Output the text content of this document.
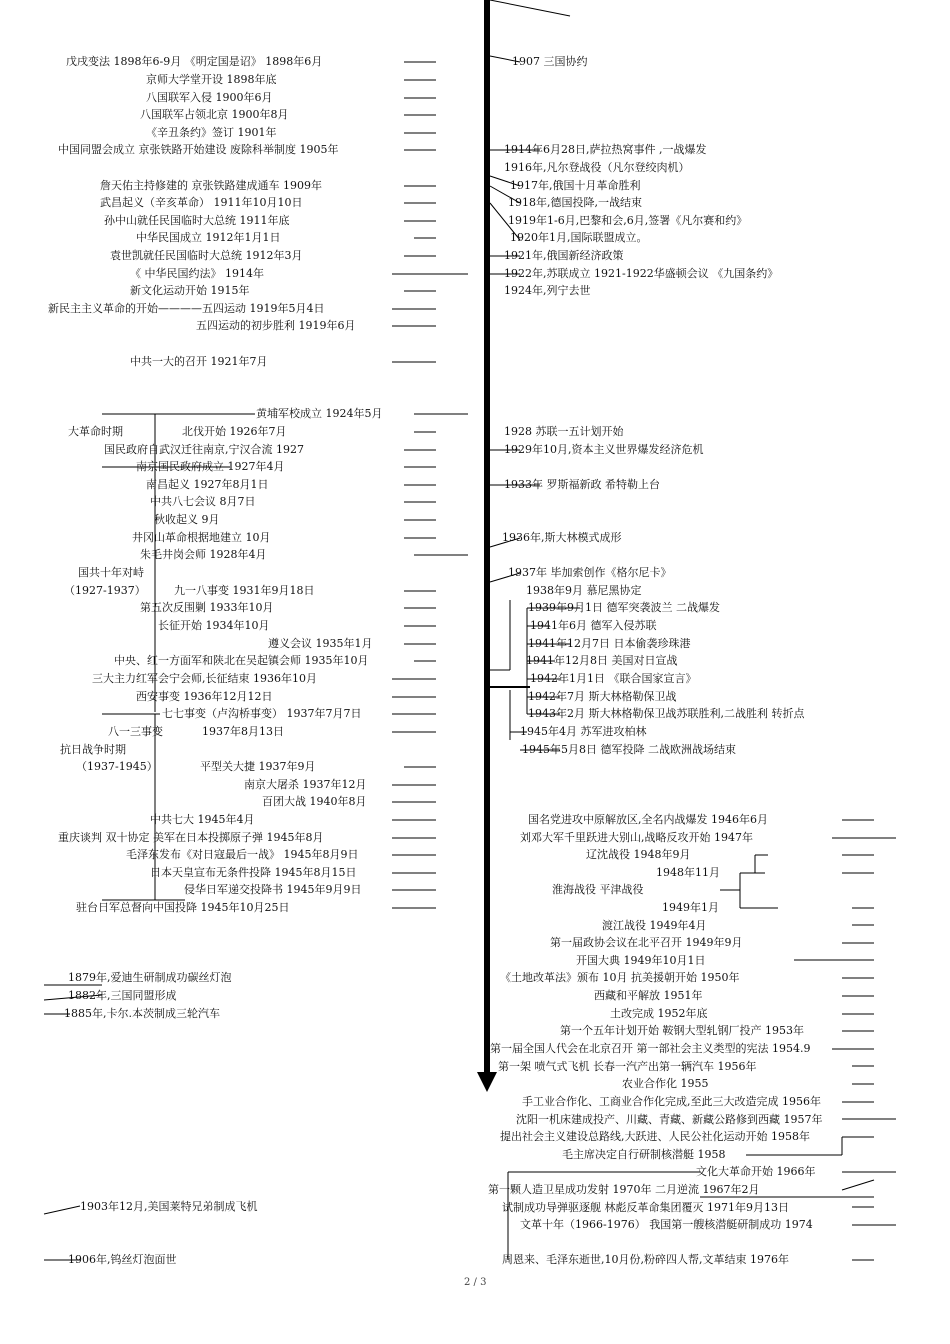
戊戌变法 1898年6-9月 《明定国是诏》 1898年6月
京师大学堂开设 1898年底
八国联军入侵 1900年6月
八国联军占领北京 1900年8月
《辛丑条约》签订 1901年
中国同盟会成立 京张铁路开始建设 废除科举制度 1905年
詹天佑主持修建的 京张铁路建成通车 1909年
武昌起义（辛亥革命） 1911年10月10日
孙中山就任民国临时大总统 1911年底
中华民国成立 1912年1月1日
袁世凯就任民国临时大总统 1912年3月
《 中华民国约法》 1914年
新文化运动开始 1915年
新民主主义革命的开始————五四运动 1919年5月4日
五四运动的初步胜利 1919年6月
中共一大的召开 1921年7月
黄埔军校成立 1924年5月
大革命时期	北伐开始 1926年7月
国民政府自武汉迁往南京,宁汉合流 1927
南京国民政府成立 1927年4月
南昌起义 1927年8月1日
中共八七会议 8月7日
秋收起义 9月
井冈山革命根据地建立 10月
朱毛井岗会师 1928年4月
国共十年对峙
（1927-1937）	九一八事变 1931年9月18日
第五次反围剿 1933年10月
长征开始 1934年10月
遵义会议 1935年1月
中央、红一方面军和陕北在吴起镇会师 1935年10月
三大主力红军会宁会师,长征结束 1936年10月
西安事变 1936年12月12日
七七事变（卢沟桥事变） 1937年7月7日
八一三事变	1937年8月13日
抗日战争时期
（1937-1945）	平型关大捷 1937年9月
南京大屠杀 1937年12月
百团大战 1940年8月
中共七大 1945年4月
重庆谈判 双十协定 美军在日本投掷原子弹 1945年8月
毛泽东发布《对日寇最后一战》 1945年8月9日
日本天皇宣布无条件投降 1945年8月15日
侵华日军递交投降书 1945年9月9日
驻台日军总督向中国投降 1945年10月25日
1879年,爱迪生研制成功碳丝灯泡
1882年,三国同盟形成
1885年,卡尔.本茨制成三轮汽车
1903年12月,美国莱特兄弟制成飞机
1906年,钨丝灯泡面世
1907 三国协约
1914年6月28日,萨拉热窝事件 ,一战爆发
1916年,凡尔登战役（凡尔登绞肉机）
1917年,俄国十月革命胜利
1918年,德国投降,一战结束
1919年1-6月,巴黎和会,6月,签署《凡尔赛和约》
1920年1月,国际联盟成立。
1921年,俄国新经济政策
1922年,苏联成立 1921-1922华盛顿会议 《九国条约》
1924年,列宁去世
1928 苏联一五计划开始
1929年10月,资本主义世界爆发经济危机
1933年 罗斯福新政 希特勒上台
1936年,斯大林模式成形
1937年 毕加索创作《格尔尼卡》
1938年9月 慕尼黑协定
1939年9月1日 德军突袭波兰 二战爆发
1941年6月 德军入侵苏联
1941年12月7日 日本偷袭珍珠港
1941年12月8日 美国对日宣战
1942年1月1日 《联合国家宣言》
1942年7月 斯大林格勒保卫战
1943年2月 斯大林格勒保卫战苏联胜利,二战胜利 转折点
1945年4月 苏军进攻柏林
1945年5月8日 德军投降 二战欧洲战场结束
国名党进攻中原解放区,全名内战爆发 1946年6月
刘邓大军千里跃进大别山,战略反攻开始 1947年
辽沈战役 1948年9月
1948年11月
淮海战役 平津战役
1949年1月
渡江战役 1949年4月
第一届政协会议在北平召开 1949年9月
开国大典 1949年10月1日
《土地改革法》颁布 10月 抗美援朝开始 1950年
西藏和平解放 1951年
土改完成 1952年底
第一个五年计划开始 鞍钢大型轧钢厂投产 1953年
第一届全国人代会在北京召开 第一部社会主义类型的宪法 1954.9
第一架 喷气式飞机 长春一汽产出第一辆汽车 1956年
农业合作化 1955
手工业合作化、工商业合作化完成,至此三大改造完成 1956年
沈阳一机床建成投产、川藏、青藏、新藏公路修到西藏 1957年
提出社会主义建设总路线,大跃进、人民公社化运动开始 1958年
毛主席决定自行研制核潜艇 1958
文化大革命开始 1966年
第一颗人造卫星成功发射 1970年 二月逆流 1967年2月
试制成功导弹驱逐舰 林彪反革命集团覆灭 1971年9月13日
文革十年（1966-1976） 我国第一艘核潜艇研制成功 1974
周恩来、毛泽东逝世,10月份,粉碎四人帮,文革结束 1976年
2 / 3
